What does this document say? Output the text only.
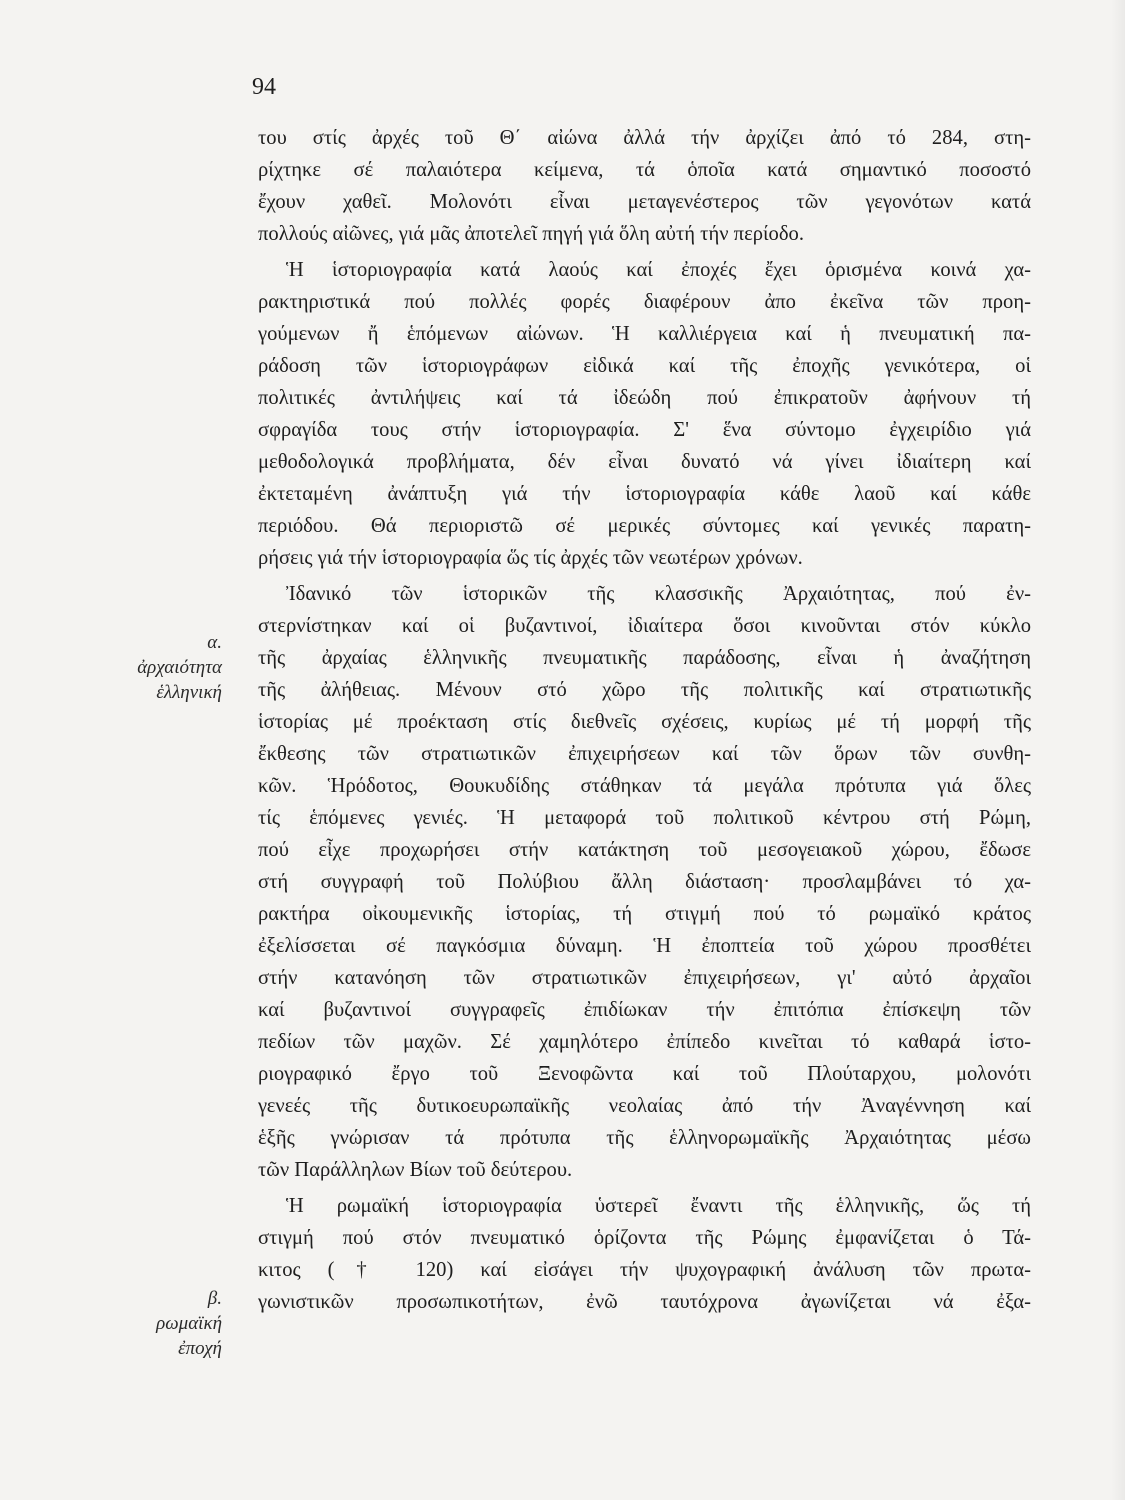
94
α.
ἀρχαιότητα
ἑλληνική
β.
ρωμαϊκή
ἐποχή
του στίς ἀρχές τοῦ Θ΄ αἰώνα ἀλλά τήν ἀρχίζει ἀπό τό 284, στη-
ρίχτηκε σέ παλαιότερα κείμενα, τά ὁποῖα κατά σημαντικό ποσοστό
ἔχουν χαθεῖ. Μολονότι εἶναι μεταγενέστερος τῶν γεγονότων κατά
πολλούς αἰῶνες, γιά μᾶς ἀποτελεῖ πηγή γιά ὅλη αὐτή τήν περίοδο.
Ἡ ἱστοριογραφία κατά λαούς καί ἐποχές ἔχει ὁρισμένα κοινά χα-
ρακτηριστικά πού πολλές φορές διαφέρουν ἀπο ἐκεῖνα τῶν προη-
γούμενων ἤ ἑπόμενων αἰώνων. Ἡ καλλιέργεια καί ἡ πνευματική πα-
ράδοση τῶν ἱστοριογράφων εἰδικά καί τῆς ἐποχῆς γενικότερα, οἱ
πολιτικές ἀντιλήψεις καί τά ἰδεώδη πού ἐπικρατοῦν ἀφήνουν τή
σφραγίδα τους στήν ἱστοριογραφία. Σ' ἕνα σύντομο ἐγχειρίδιο γιά
μεθοδολογικά προβλήματα, δέν εἶναι δυνατό νά γίνει ἰδιαίτερη καί
ἐκτεταμένη ἀνάπτυξη γιά τήν ἱστοριογραφία κάθε λαοῦ καί κάθε
περιόδου. Θά περιοριστῶ σέ μερικές σύντομες καί γενικές παρατη-
ρήσεις γιά τήν ἱστοριογραφία ὥς τίς ἀρχές τῶν νεωτέρων χρόνων.
Ἰδανικό τῶν ἱστορικῶν τῆς κλασσικῆς Ἀρχαιότητας, πού ἐν-
στερνίστηκαν καί οἱ βυζαντινοί, ἰδιαίτερα ὅσοι κινοῦνται στόν κύκλο
τῆς ἀρχαίας ἑλληνικῆς πνευματικῆς παράδοσης, εἶναι ἡ ἀναζήτηση
τῆς ἀλήθειας. Μένουν στό χῶρο τῆς πολιτικῆς καί στρατιωτικῆς
ἱστορίας μέ προέκταση στίς διεθνεῖς σχέσεις, κυρίως μέ τή μορφή τῆς
ἔκθεσης τῶν στρατιωτικῶν ἐπιχειρήσεων καί τῶν ὅρων τῶν συνθη-
κῶν. Ἡρόδοτος, Θουκυδίδης στάθηκαν τά μεγάλα πρότυπα γιά ὅλες
τίς ἑπόμενες γενιές. Ἡ μεταφορά τοῦ πολιτικοῦ κέντρου στή Ρώμη,
πού εἶχε προχωρήσει στήν κατάκτηση τοῦ μεσογειακοῦ χώρου, ἔδωσε
στή συγγραφή τοῦ Πολύβιου ἄλλη διάσταση· προσλαμβάνει τό χα-
ρακτήρα οἰκουμενικῆς ἱστορίας, τή στιγμή πού τό ρωμαϊκό κράτος
ἐξελίσσεται σέ παγκόσμια δύναμη. Ἡ ἐποπτεία τοῦ χώρου προσθέτει
στήν κατανόηση τῶν στρατιωτικῶν ἐπιχειρήσεων, γι' αὐτό ἀρχαῖοι
καί βυζαντινοί συγγραφεῖς ἐπιδίωκαν τήν ἐπιτόπια ἐπίσκεψη τῶν
πεδίων τῶν μαχῶν. Σέ χαμηλότερο ἐπίπεδο κινεῖται τό καθαρά ἱστο-
ριογραφικό ἔργο τοῦ Ξενοφῶντα καί τοῦ Πλούταρχου, μολονότι
γενεές τῆς δυτικοευρωπαϊκῆς νεολαίας ἀπό τήν Ἀναγέννηση καί
ἑξῆς γνώρισαν τά πρότυπα τῆς ἑλληνορωμαϊκῆς Ἀρχαιότητας μέσω
τῶν Παράλληλων Βίων τοῦ δεύτερου.
Ἡ ρωμαϊκή ἱστοριογραφία ὑστερεῖ ἔναντι τῆς ἑλληνικῆς, ὥς τή
στιγμή πού στόν πνευματικό ὁρίζοντα τῆς Ρώμης ἐμφανίζεται ὁ Τά-
κιτος († 120) καί εἰσάγει τήν ψυχογραφική ἀνάλυση τῶν πρωτα-
γωνιστικῶν προσωπικοτήτων, ἐνῶ ταυτόχρονα ἀγωνίζεται νά ἐξα-
